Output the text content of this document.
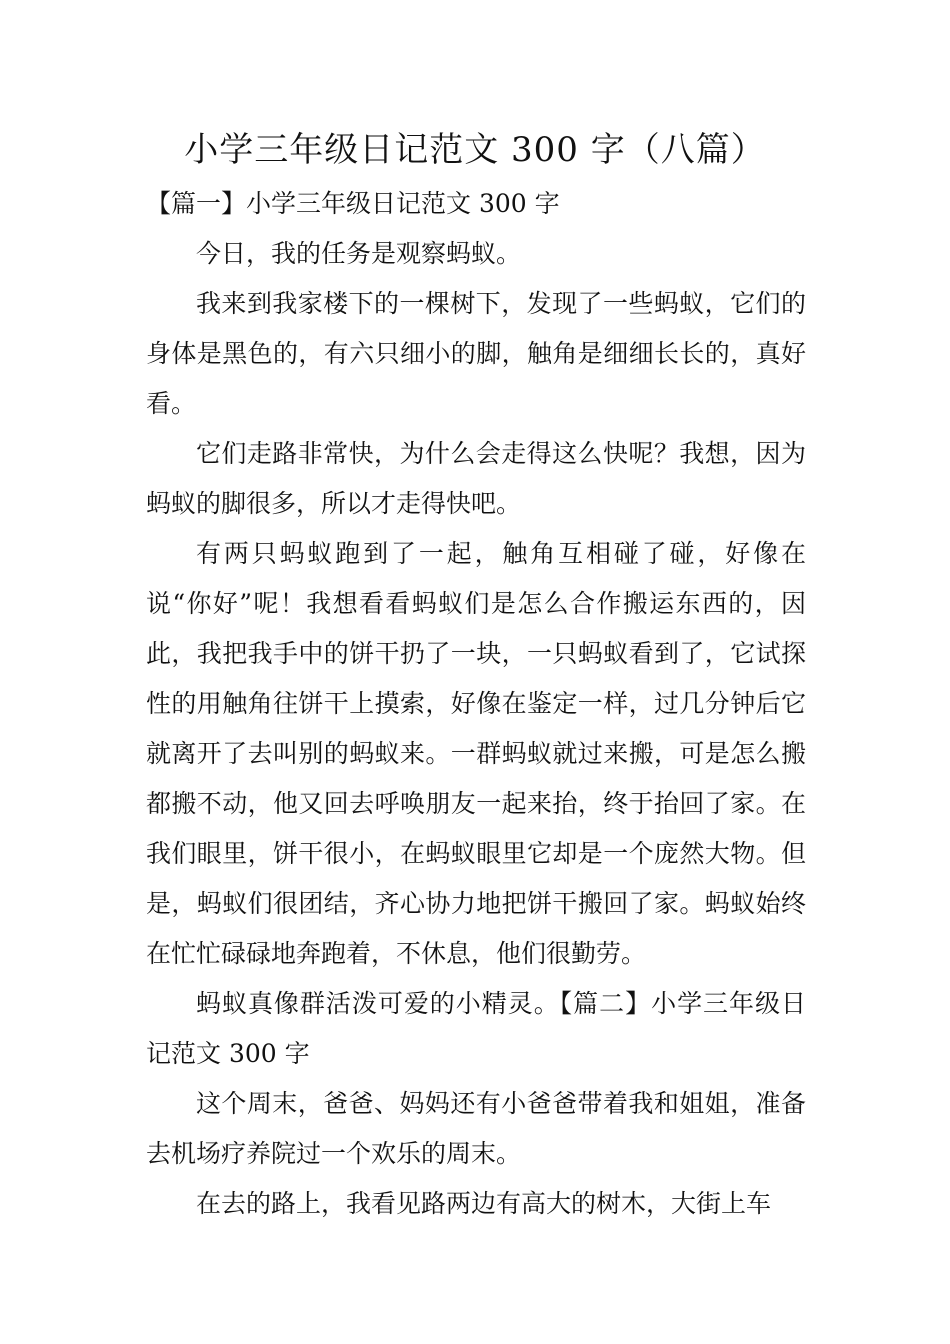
小学三年级日记范文 300 字（八篇）

【篇一】小学三年级日记范文 300 字

今日，我的任务是观察蚂蚁。

我来到我家楼下的一棵树下，发现了一些蚂蚁，它们的身体是黑色的，有六只细小的脚，触角是细细长长的，真好看。

它们走路非常快，为什么会走得这么快呢？我想，因为蚂蚁的脚很多，所以才走得快吧。

有两只蚂蚁跑到了一起，触角互相碰了碰，好像在说“你好”呢！我想看看蚂蚁们是怎么合作搬运东西的，因此，我把我手中的饼干扔了一块，一只蚂蚁看到了，它试探性的用触角往饼干上摸索，好像在鉴定一样，过几分钟后它就离开了去叫别的蚂蚁来。一群蚂蚁就过来搬，可是怎么搬都搬不动，他又回去呼唤朋友一起来抬，终于抬回了家。在我们眼里，饼干很小，在蚂蚁眼里它却是一个庞然大物。但是，蚂蚁们很团结，齐心协力地把饼干搬回了家。蚂蚁始终在忙忙碌碌地奔跑着，不休息，他们很勤劳。

蚂蚁真像群活泼可爱的小精灵。【篇二】小学三年级日记范文 300 字

这个周末，爸爸、妈妈还有小爸爸带着我和姐姐，准备去机场疗养院过一个欢乐的周末。

在去的路上，我看见路两边有高大的树木，大街上车
